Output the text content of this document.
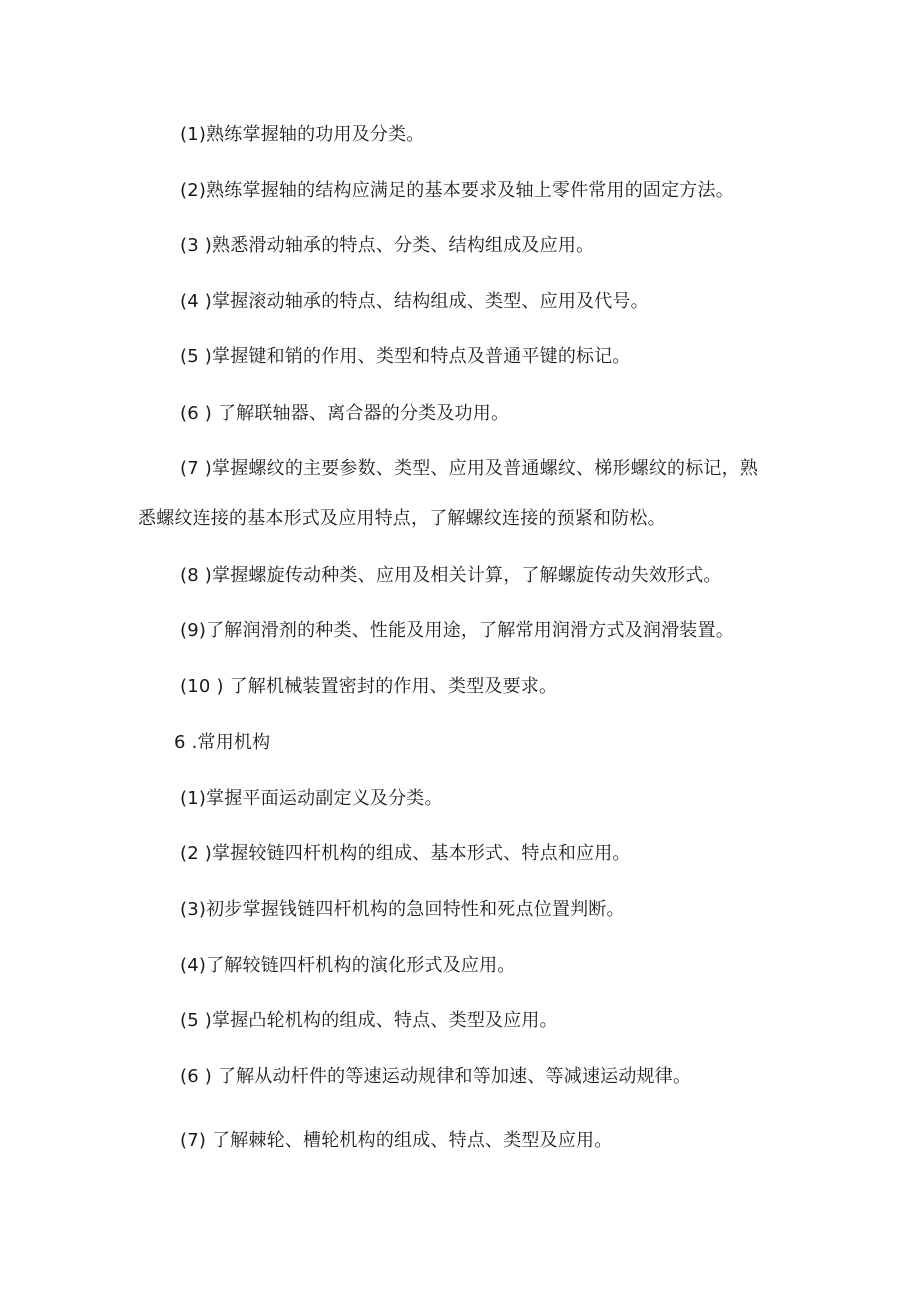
(1)熟练掌握轴的功用及分类。
(2)熟练掌握轴的结构应满足的基本要求及轴上零件常用的固定方法。
(3 )熟悉滑动轴承的特点、分类、结构组成及应用。
(4 )掌握滚动轴承的特点、结构组成、类型、应用及代号。
(5 )掌握键和销的作用、类型和特点及普通平键的标记。
(6 ) 了解联轴器、离合器的分类及功用。
(7 )掌握螺纹的主要参数、类型、应用及普通螺纹、梯形螺纹的标记，熟
悉螺纹连接的基本形式及应用特点，了解螺纹连接的预紧和防松。
(8 )掌握螺旋传动种类、应用及相关计算，了解螺旋传动失效形式。
(9)了解润滑剂的种类、性能及用途，了解常用润滑方式及润滑装置。
(10 ) 了解机械装置密封的作用、类型及要求。
6 .常用机构
(1)掌握平面运动副定义及分类。
(2 )掌握较链四杆机构的组成、基本形式、特点和应用。
(3)初步掌握钱链四杆机构的急回特性和死点位置判断。
(4)了解较链四杆机构的演化形式及应用。
(5 )掌握凸轮机构的组成、特点、类型及应用。
(6 ) 了解从动杆件的等速运动规律和等加速、等减速运动规律。
(7) 了解棘轮、槽轮机构的组成、特点、类型及应用。
